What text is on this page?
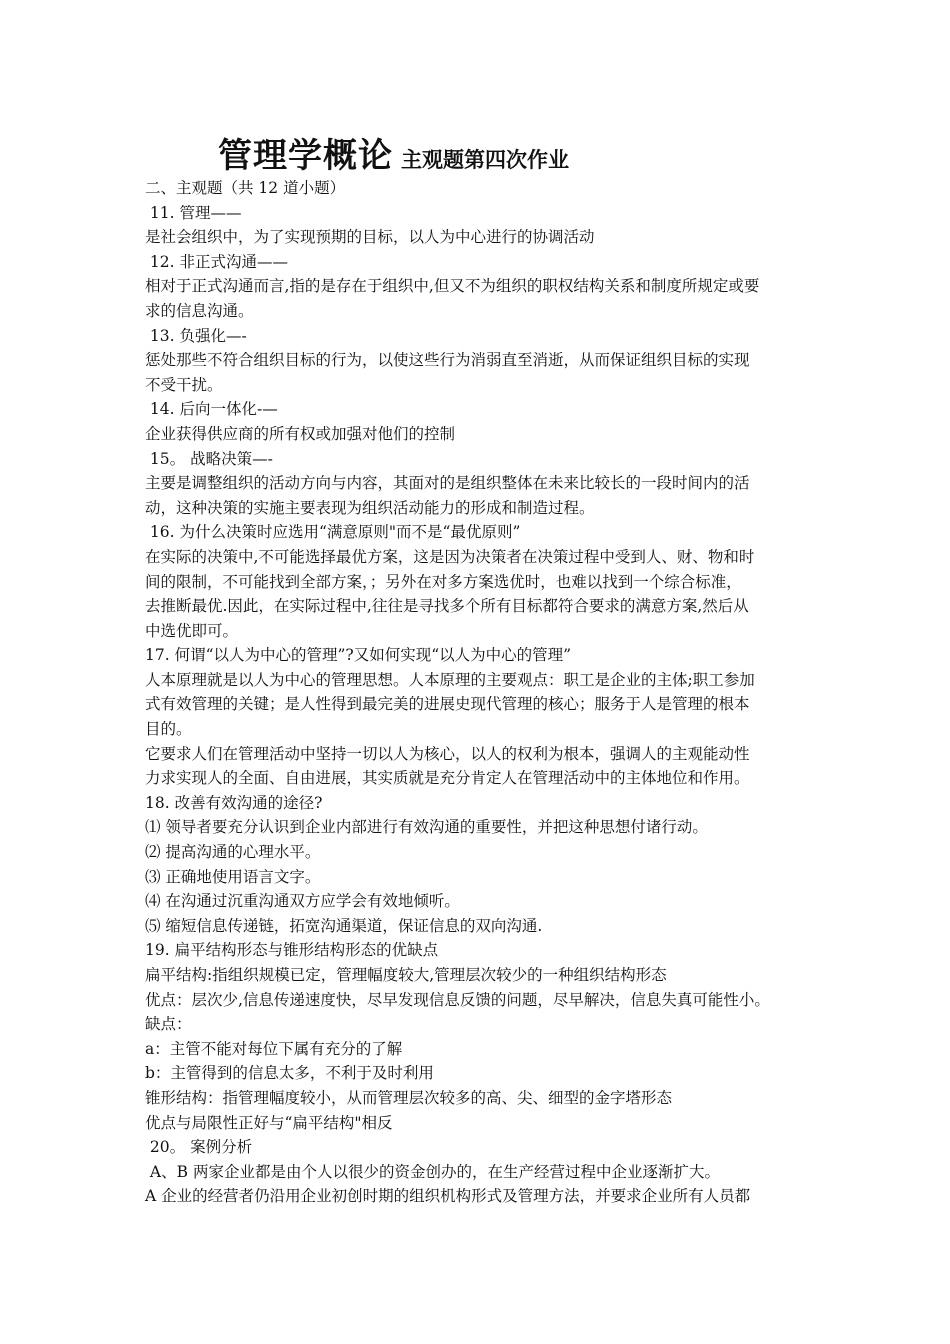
管理学概论 主观题第四次作业
二、主观题（共 12 道小题）
11. 管理——
是社会组织中，为了实现预期的目标，以人为中心进行的协调活动
12. 非正式沟通——
相对于正式沟通而言,指的是存在于组织中,但又不为组织的职权结构关系和制度所规定或要
求的信息沟通。
13. 负强化—-
惩处那些不符合组织目标的行为，以使这些行为消弱直至消逝，从而保证组织目标的实现
不受干扰。
14. 后向一体化-—
企业获得供应商的所有权或加强对他们的控制
15。 战略决策—-
主要是调整组织的活动方向与内容，其面对的是组织整体在未来比较长的一段时间内的活
动，这种决策的实施主要表现为组织活动能力的形成和制造过程。
16. 为什么决策时应选用“满意原则"而不是“最优原则”
在实际的决策中,不可能选择最优方案，这是因为决策者在决策过程中受到人、财、物和时
间的限制，不可能找到全部方案，；另外在对多方案选优时，也难以找到一个综合标准，
去推断最优.因此，在实际过程中,往往是寻找多个所有目标都符合要求的满意方案,然后从
中选优即可。
17. 何谓“以人为中心的管理”?又如何实现“以人为中心的管理”
人本原理就是以人为中心的管理思想。人本原理的主要观点：职工是企业的主体;职工参加
式有效管理的关键；是人性得到最完美的进展史现代管理的核心；服务于人是管理的根本
目的。
它要求人们在管理活动中坚持一切以人为核心，以人的权利为根本，强调人的主观能动性
力求实现人的全面、自由进展，其实质就是充分肯定人在管理活动中的主体地位和作用。
18. 改善有效沟通的途径?
⑴ 领导者要充分认识到企业内部进行有效沟通的重要性，并把这种思想付诸行动。
⑵ 提高沟通的心理水平。
⑶ 正确地使用语言文字。
⑷ 在沟通过沉重沟通双方应学会有效地倾听。
⑸ 缩短信息传递链，拓宽沟通渠道，保证信息的双向沟通.
19. 扁平结构形态与锥形结构形态的优缺点
扁平结构:指组织规模已定，管理幅度较大,管理层次较少的一种组织结构形态
优点：层次少,信息传递速度快，尽早发现信息反馈的问题，尽早解决，信息失真可能性小。
缺点：
a：主管不能对每位下属有充分的了解
b：主管得到的信息太多，不利于及时利用
锥形结构：指管理幅度较小，从而管理层次较多的高、尖、细型的金字塔形态
优点与局限性正好与“扁平结构"相反
20。 案例分析
A、B 两家企业都是由个人以很少的资金创办的，在生产经营过程中企业逐渐扩大。
A 企业的经营者仍沿用企业初创时期的组织机构形式及管理方法，并要求企业所有人员都
